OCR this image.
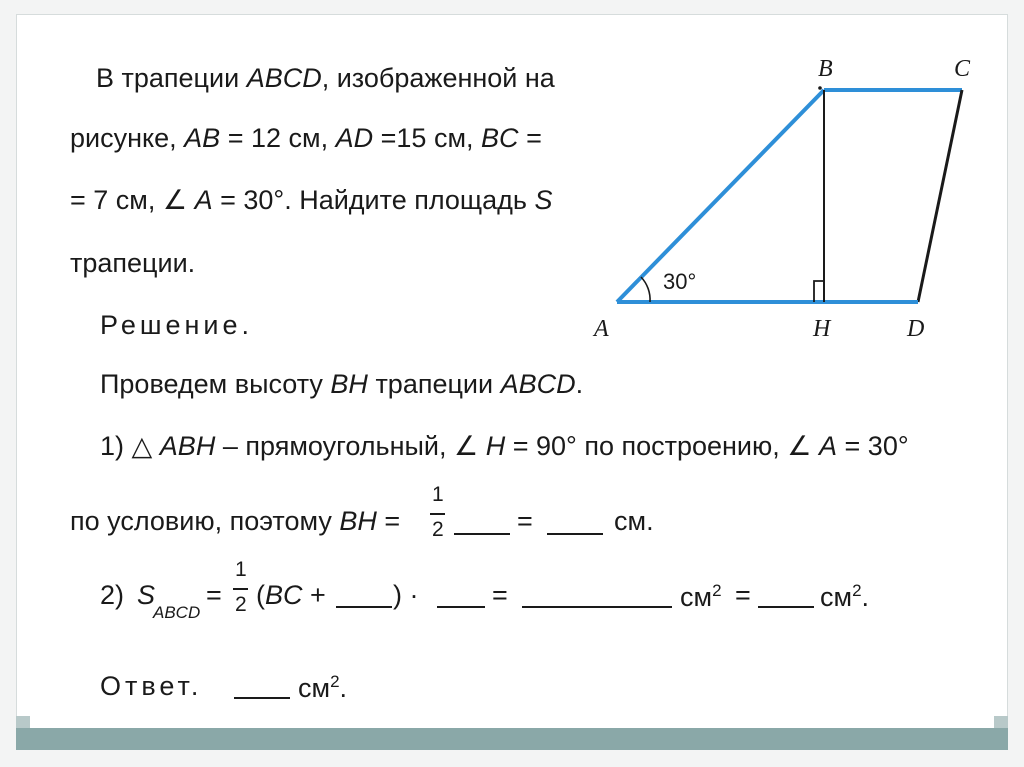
В трапеции ABCD, изображенной на
рисунке, AB = 12 см, AD =15 см, BC =
= 7 см, ∠ A = 30°. Найдите площадь S
трапеции.
Решение.
Проведем высоту BH трапеции ABCD.
1) △ ABH – прямоугольный, ∠ H = 90° по построению, ∠ A = 30°
по условию, поэтому BH =
1
2	=	см.
2) S
ABCD
=
1
2 (BC + ) ·	=	$см^2$ =	$см^2$.
Ответ.	$см^2$.
B	C
A	H	D
30°
